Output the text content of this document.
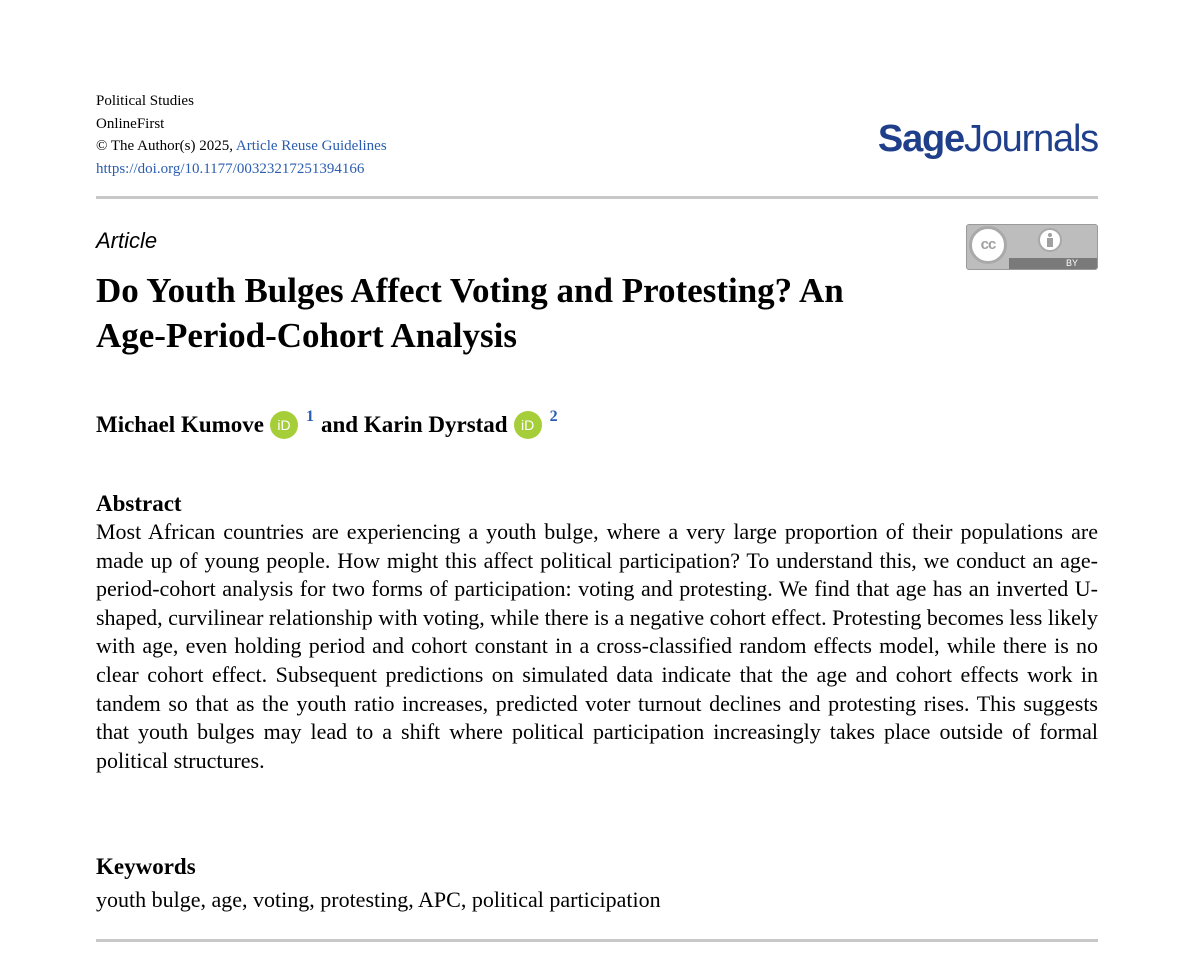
Political Studies
OnlineFirst
© The Author(s) 2025, Article Reuse Guidelines
https://doi.org/10.1177/00323217251394166
SageJournals
Article	cc
BY
Do Youth Bulges Affect Voting and Protesting? An Age-Period-Cohort Analysis
Michael Kumove iD 1 and
Karin Dyrstad iD 2
Abstract

Most African countries are experiencing a youth bulge, where a very large proportion of their populations are made up of young people. How might this affect political participation? To understand this, we conduct an age-period-cohort analysis for two forms of participation: voting and protesting. We find that age has an inverted U-shaped, curvilinear relationship with voting, while there is a negative cohort effect. Protesting becomes less likely with age, even holding period and cohort constant in a cross-classified random effects model, while there is no clear cohort effect. Subsequent predictions on simulated data indicate that the age and cohort effects work in tandem so that as the youth ratio increases, predicted voter turnout declines and protesting rises. This suggests that youth bulges may lead to a shift where political participation increasingly takes place outside of formal political structures.

Keywords
youth bulge, age, voting, protesting, APC, political participation
